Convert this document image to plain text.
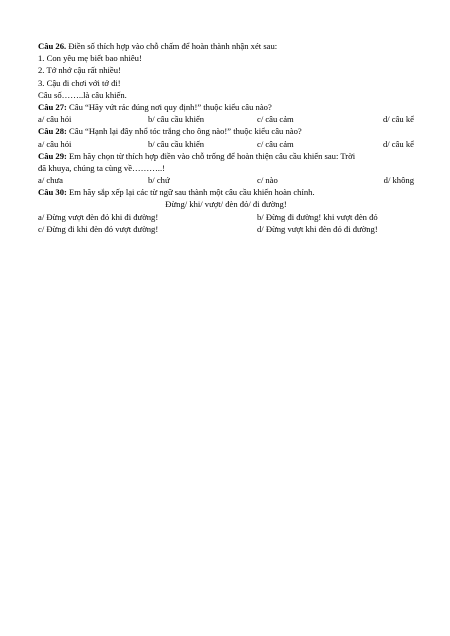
Câu 26. Điền số thích hợp vào chỗ chấm để hoàn thành nhận xét sau:
1. Con yêu mẹ biết bao nhiêu!
2. Tớ nhớ cậu rất nhiều!
3. Cậu đi chơi với tớ đi!
Câu số……..là câu khiến.
Câu 27: Câu “Hãy vứt rác đúng nơi quy định!” thuộc kiểu câu nào?
a/ câu hỏi	b/ câu cầu khiến	c/ câu cảm	d/ câu kể
Câu 28: Câu “Hạnh lại đây nhổ tóc trắng cho ông nào!” thuộc kiểu câu nào?
a/ câu hỏi	b/ câu cầu khiến	c/ câu cảm	d/ câu kể
Câu 29: Em hãy chọn từ thích hợp điền vào chỗ trống để hoàn thiện câu cầu khiến sau: Trời
đã khuya, chúng ta cùng về………..!
a/ chưa	b/ chứ	c/ nào	d/ không
Câu 30: Em hãy sắp xếp lại các từ ngữ sau thành một câu cầu khiến hoàn chỉnh.
Đừng/ khi/ vượt/ đèn đỏ/ đi đường!
a/ Đừng vượt đèn đỏ khi đi đường!	b/ Đừng đi đường! khi vượt đèn đỏ
c/ Đừng đi khi đèn đỏ vượt đường!	d/ Đừng vượt khi đèn đỏ đi đường!
